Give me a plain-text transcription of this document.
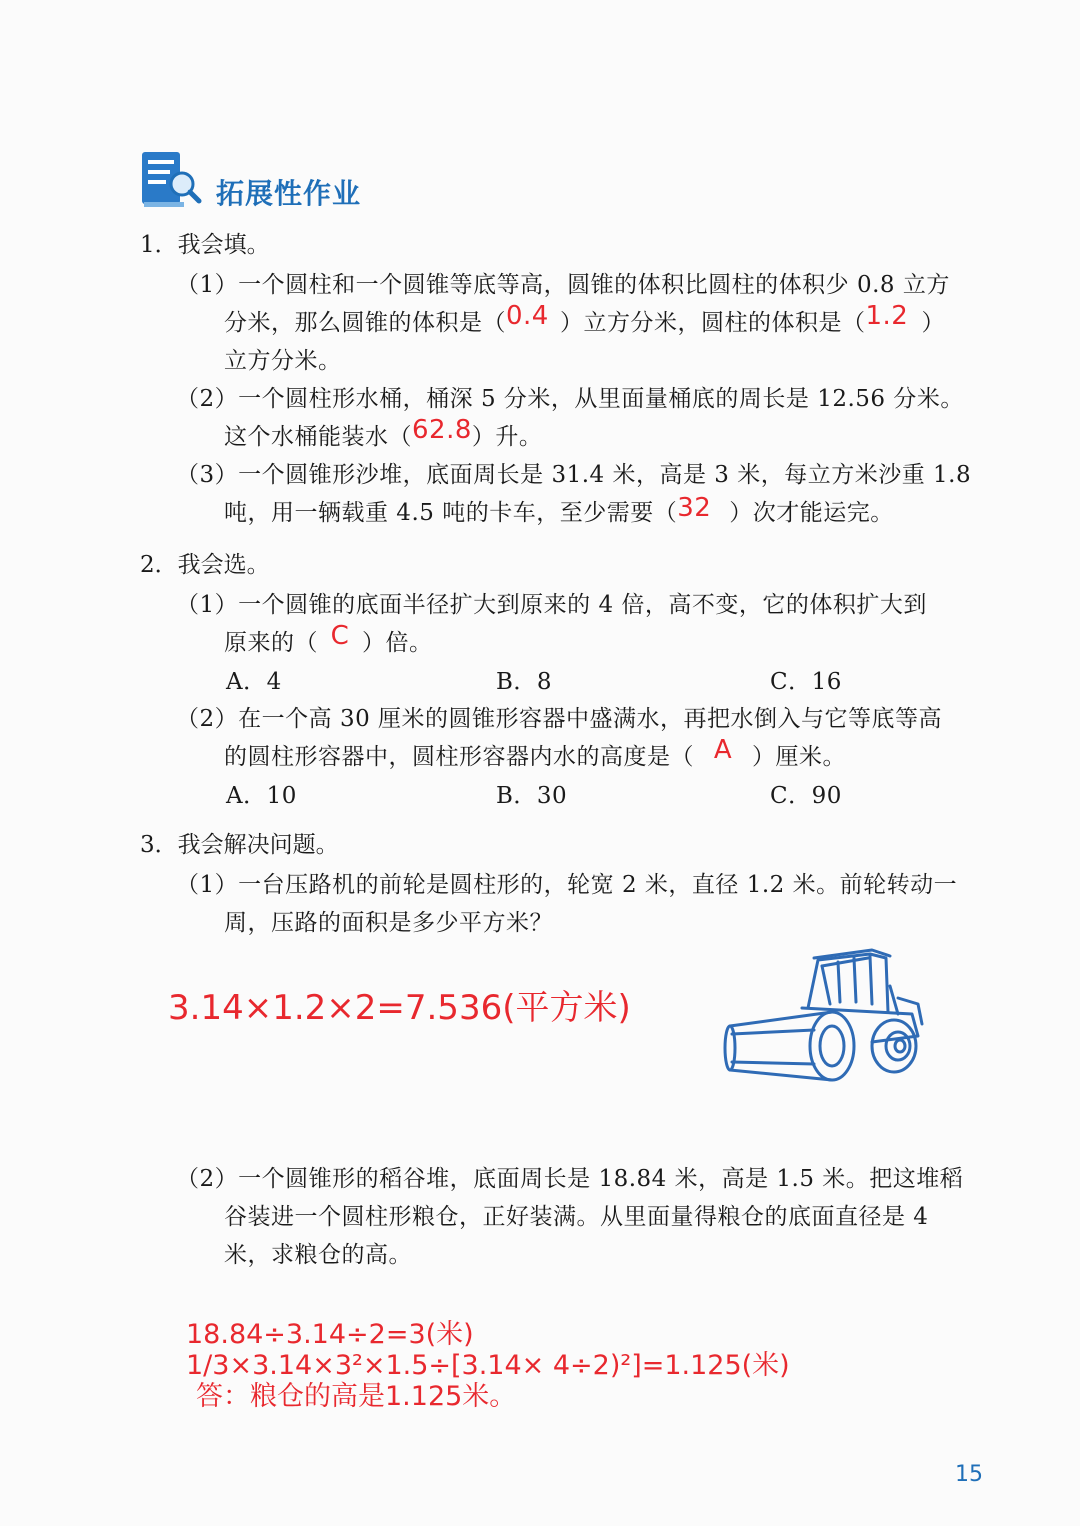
拓展性作业
1．我会填。
（1）一个圆柱和一个圆锥等底等高，圆锥的体积比圆柱的体积少 0.8 立方
分米，那么圆锥的体积是（0.4 ）立方分米，圆柱的体积是（1.2 ）
立方分米。
（2）一个圆柱形水桶，桶深 5 分米，从里面量桶底的周长是 12.56 分米。
这个水桶能装水（62.8）升。
（3）一个圆锥形沙堆，底面周长是 31.4 米，高是 3 米，每立方米沙重 1.8
吨，用一辆载重 4.5 吨的卡车，至少需要（32 ）次才能运完。
2．我会选。
（1）一个圆锥的底面半径扩大到原来的 4 倍，高不变，它的体积扩大到
原来的（ C ）倍。
A．4	B．8	C．16
（2）在一个高 30 厘米的圆锥形容器中盛满水，再把水倒入与它等底等高
的圆柱形容器中，圆柱形容器内水的高度是（ A ）厘米。
A．10	B．30	C．90
3．我会解决问题。
（1）一台压路机的前轮是圆柱形的，轮宽 2 米，直径 1.2 米。前轮转动一
周，压路的面积是多少平方米？
3.14×1.2×2=7.536(平方米)
（2）一个圆锥形的稻谷堆，底面周长是 18.84 米，高是 1.5 米。把这堆稻
谷装进一个圆柱形粮仓，正好装满。从里面量得粮仓的底面直径是 4
米，求粮仓的高。
18.84÷3.14÷2=3(米)
1/3×3.14×3²×1.5÷[3.14× 4÷2)²]=1.125(米)
答：粮仓的高是1.125米。
15
